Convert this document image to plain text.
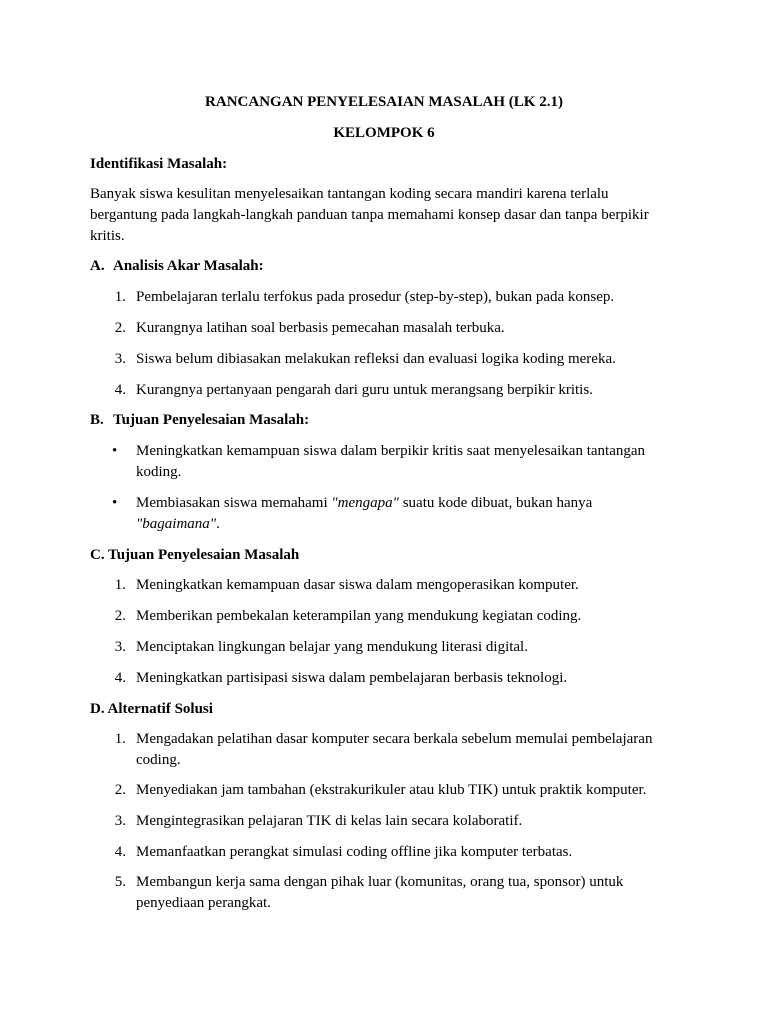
RANCANGAN PENYELESAIAN MASALAH (LK 2.1)
KELOMPOK 6
Identifikasi Masalah:
Banyak siswa kesulitan menyelesaikan tantangan koding secara mandiri karena terlalu bergantung pada langkah-langkah panduan tanpa memahami konsep dasar dan tanpa berpikir kritis.
A. Analisis Akar Masalah:
1. Pembelajaran terlalu terfokus pada prosedur (step-by-step), bukan pada konsep.
2. Kurangnya latihan soal berbasis pemecahan masalah terbuka.
3. Siswa belum dibiasakan melakukan refleksi dan evaluasi logika koding mereka.
4. Kurangnya pertanyaan pengarah dari guru untuk merangsang berpikir kritis.
B. Tujuan Penyelesaian Masalah:
• Meningkatkan kemampuan siswa dalam berpikir kritis saat menyelesaikan tantangan koding.
• Membiasakan siswa memahami "mengapa" suatu kode dibuat, bukan hanya "bagaimana".
C. Tujuan Penyelesaian Masalah
1. Meningkatkan kemampuan dasar siswa dalam mengoperasikan komputer.
2. Memberikan pembekalan keterampilan yang mendukung kegiatan coding.
3. Menciptakan lingkungan belajar yang mendukung literasi digital.
4. Meningkatkan partisipasi siswa dalam pembelajaran berbasis teknologi.
D. Alternatif Solusi
1. Mengadakan pelatihan dasar komputer secara berkala sebelum memulai pembelajaran coding.
2. Menyediakan jam tambahan (ekstrakurikuler atau klub TIK) untuk praktik komputer.
3. Mengintegrasikan pelajaran TIK di kelas lain secara kolaboratif.
4. Memanfaatkan perangkat simulasi coding offline jika komputer terbatas.
5. Membangun kerja sama dengan pihak luar (komunitas, orang tua, sponsor) untuk penyediaan perangkat.
